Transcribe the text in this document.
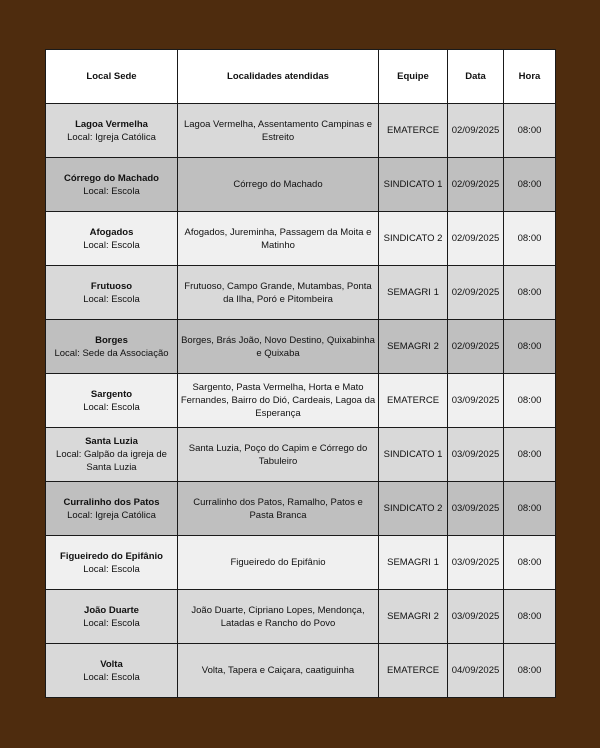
Local Sede	Localidades atendidas	Equipe	Data	Hora

Lagoa Vermelha
Local: Igreja Católica	Lagoa Vermelha, Assentamento Campinas e Estreito	EMATERCE	02/09/2025	08:00

Córrego do Machado
Local: Escola	Córrego do Machado	SINDICATO 1	02/09/2025	08:00

Afogados
Local: Escola	Afogados, Jureminha, Passagem da Moita e Matinho	SINDICATO 2	02/09/2025	08:00

Frutuoso
Local: Escola	Frutuoso, Campo Grande, Mutambas, Ponta da Ilha, Poró e Pitombeira	SEMAGRI 1	02/09/2025	08:00

Borges
Local: Sede da Associação	Borges, Brás João, Novo Destino, Quixabinha e Quixaba	SEMAGRI 2	02/09/2025	08:00

Sargento
Local: Escola	Sargento, Pasta Vermelha, Horta e Mato Fernandes, Bairro do Dió, Cardeais, Lagoa da Esperança	EMATERCE	03/09/2025	08:00

Santa Luzia
Local: Galpão da igreja de Santa Luzia	Santa Luzia, Poço do Capim e Córrego do Tabuleiro	SINDICATO 1	03/09/2025	08:00

Curralinho dos Patos
Local: Igreja Católica	Curralinho dos Patos, Ramalho, Patos e Pasta Branca	SINDICATO 2	03/09/2025	08:00

Figueiredo do Epifânio
Local: Escola	Figueiredo do Epifânio	SEMAGRI 1	03/09/2025	08:00

João Duarte
Local: Escola	João Duarte, Cipriano Lopes, Mendonça, Latadas e Rancho do Povo	SEMAGRI 2	03/09/2025	08:00

Volta
Local: Escola	Volta, Tapera e Caiçara, caatiguinha	EMATERCE	04/09/2025	08:00
